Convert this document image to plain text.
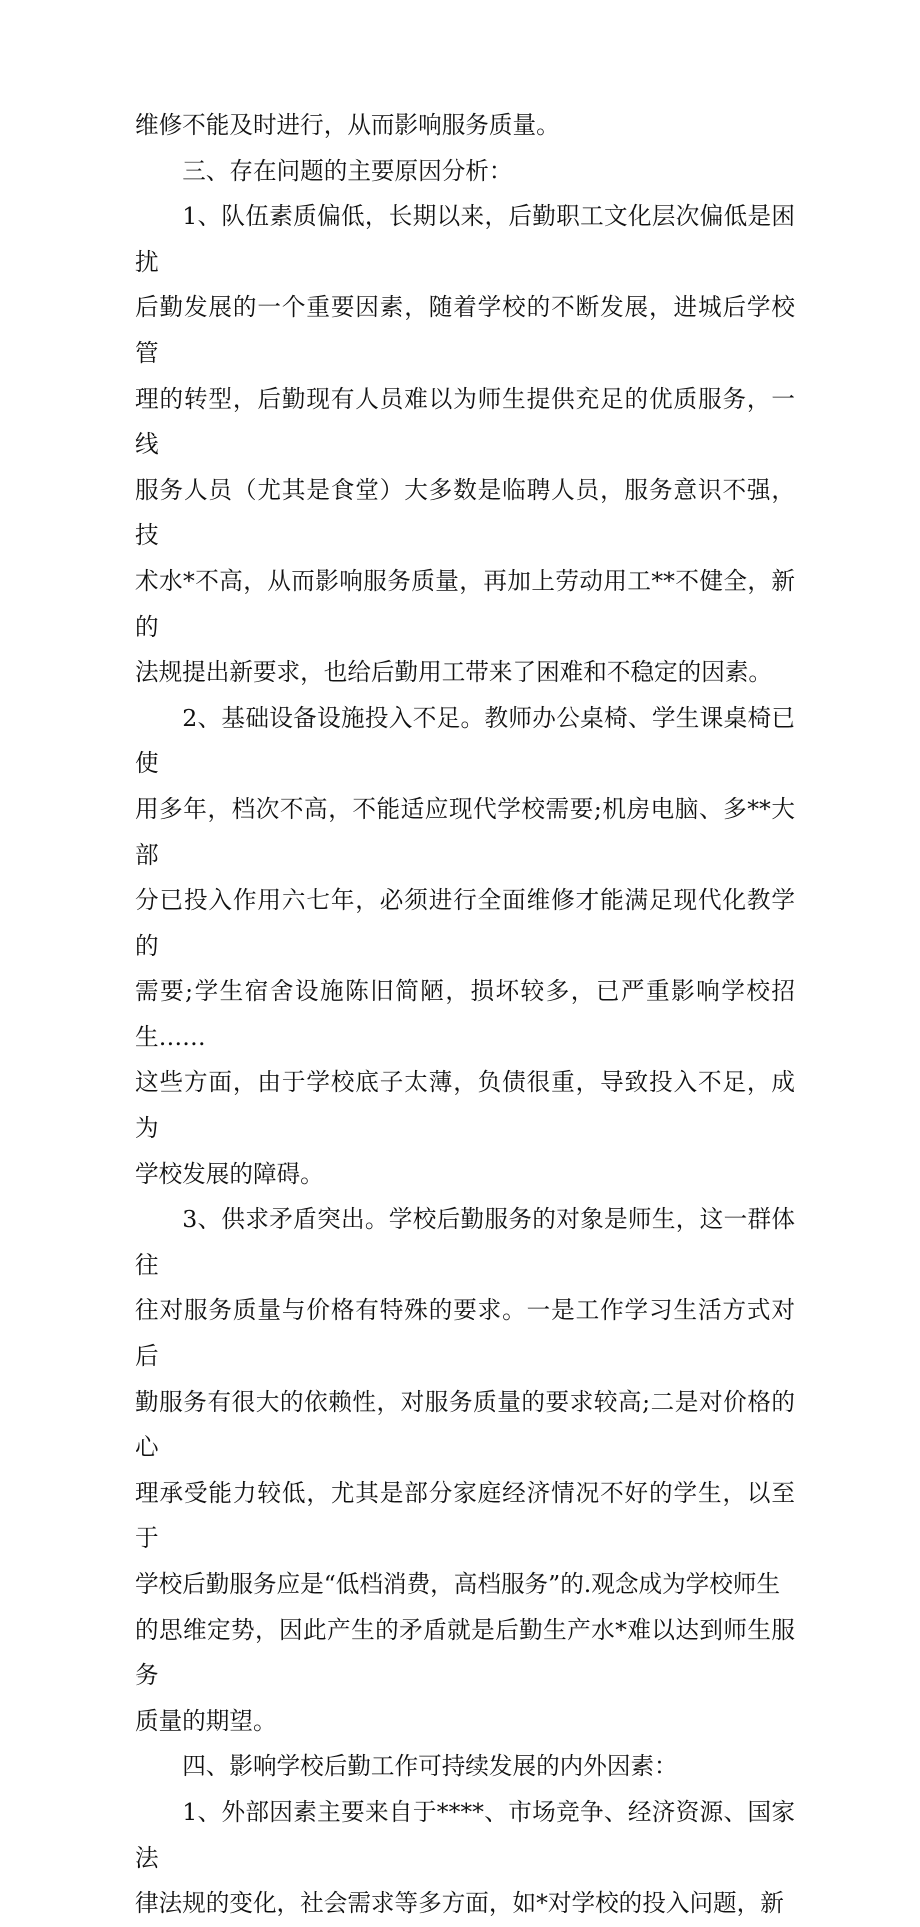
维修不能及时进行，从而影响服务质量。

三、存在问题的主要原因分析：

1、队伍素质偏低，长期以来，后勤职工文化层次偏低是困扰
后勤发展的一个重要因素，随着学校的不断发展，进城后学校管
理的转型，后勤现有人员难以为师生提供充足的优质服务，一线
服务人员（尤其是食堂）大多数是临聘人员，服务意识不强，技
术水*不高，从而影响服务质量，再加上劳动用工**不健全，新的
法规提出新要求，也给后勤用工带来了困难和不稳定的因素。

2、基础设备设施投入不足。教师办公桌椅、学生课桌椅已使
用多年，档次不高，不能适应现代学校需要;机房电脑、多**大部
分已投入作用六七年，必须进行全面维修才能满足现代化教学的
需要;学生宿舍设施陈旧简陋，损坏较多，已严重影响学校招生……
这些方面，由于学校底子太薄，负债很重，导致投入不足，成为
学校发展的障碍。

3、供求矛盾突出。学校后勤服务的对象是师生，这一群体往
往对服务质量与价格有特殊的要求。一是工作学习生活方式对后
勤服务有很大的依赖性，对服务质量的要求较高;二是对价格的心
理承受能力较低，尤其是部分家庭经济情况不好的学生，以至于
学校后勤服务应是“低档消费，高档服务”的.观念成为学校师生
的思维定势，因此产生的矛盾就是后勤生产水*难以达到师生服务
质量的期望。

四、影响学校后勤工作可持续发展的内外因素：

1、外部因素主要来自于****、市场竞争、经济资源、国家法
律法规的变化，社会需求等多方面，如*对学校的投入问题，新
